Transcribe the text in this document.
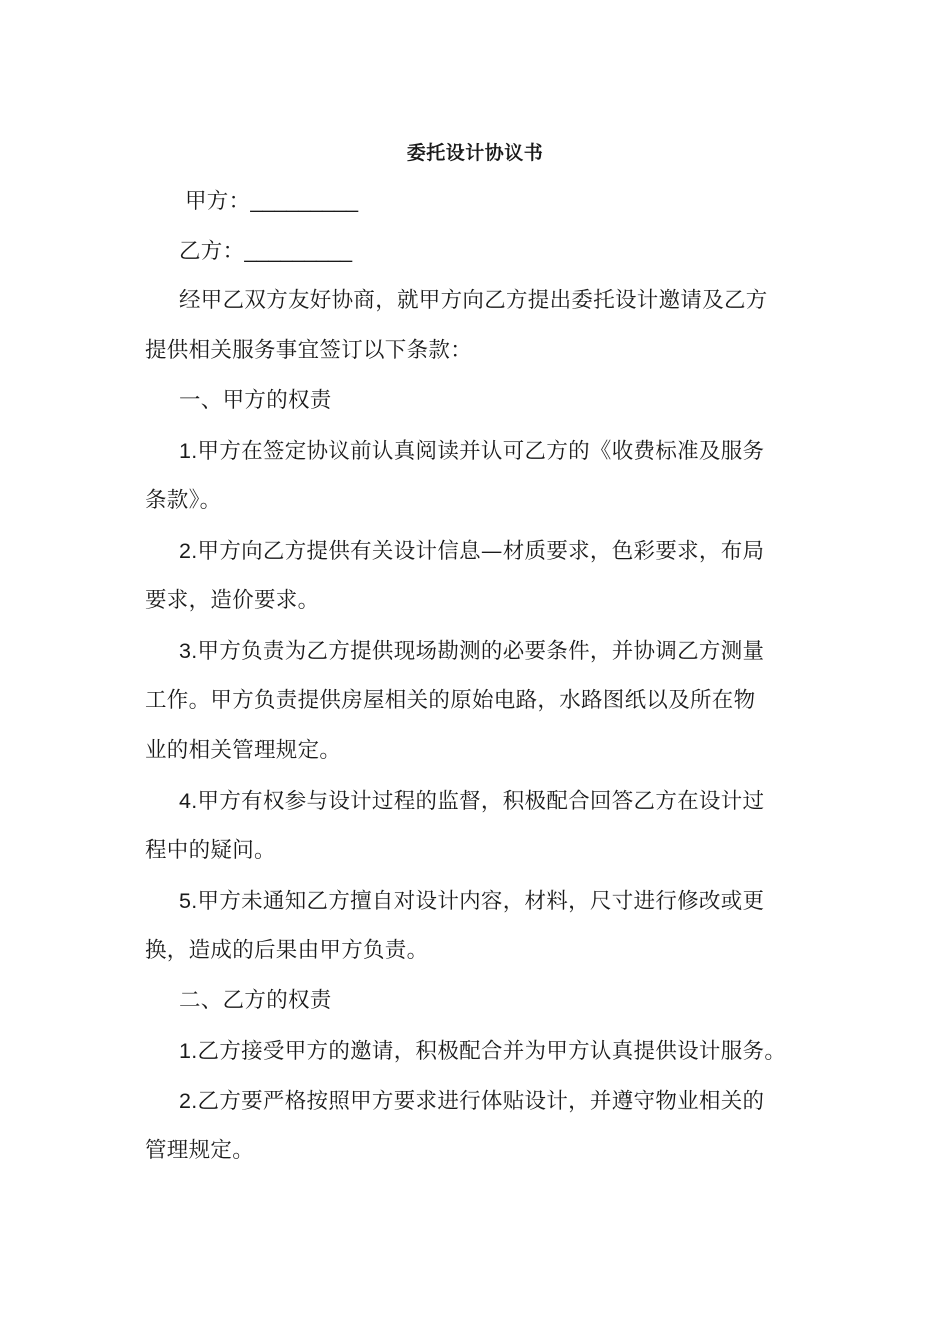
委托设计协议书
甲方：_________
乙方：_________
经甲乙双方友好协商，就甲方向乙方提出委托设计邀请及乙方
提供相关服务事宜签订以下条款：
一、甲方的权责
1.甲方在签定协议前认真阅读并认可乙方的《收费标准及服务
条款》。
2.甲方向乙方提供有关设计信息—材质要求，色彩要求，布局
要求，造价要求。
3.甲方负责为乙方提供现场勘测的必要条件，并协调乙方测量
工作。甲方负责提供房屋相关的原始电路，水路图纸以及所在物
业的相关管理规定。
4.甲方有权参与设计过程的监督，积极配合回答乙方在设计过
程中的疑问。
5.甲方未通知乙方擅自对设计内容，材料，尺寸进行修改或更
换，造成的后果由甲方负责。
二、乙方的权责
1.乙方接受甲方的邀请，积极配合并为甲方认真提供设计服务。
2.乙方要严格按照甲方要求进行体贴设计，并遵守物业相关的
管理规定。
